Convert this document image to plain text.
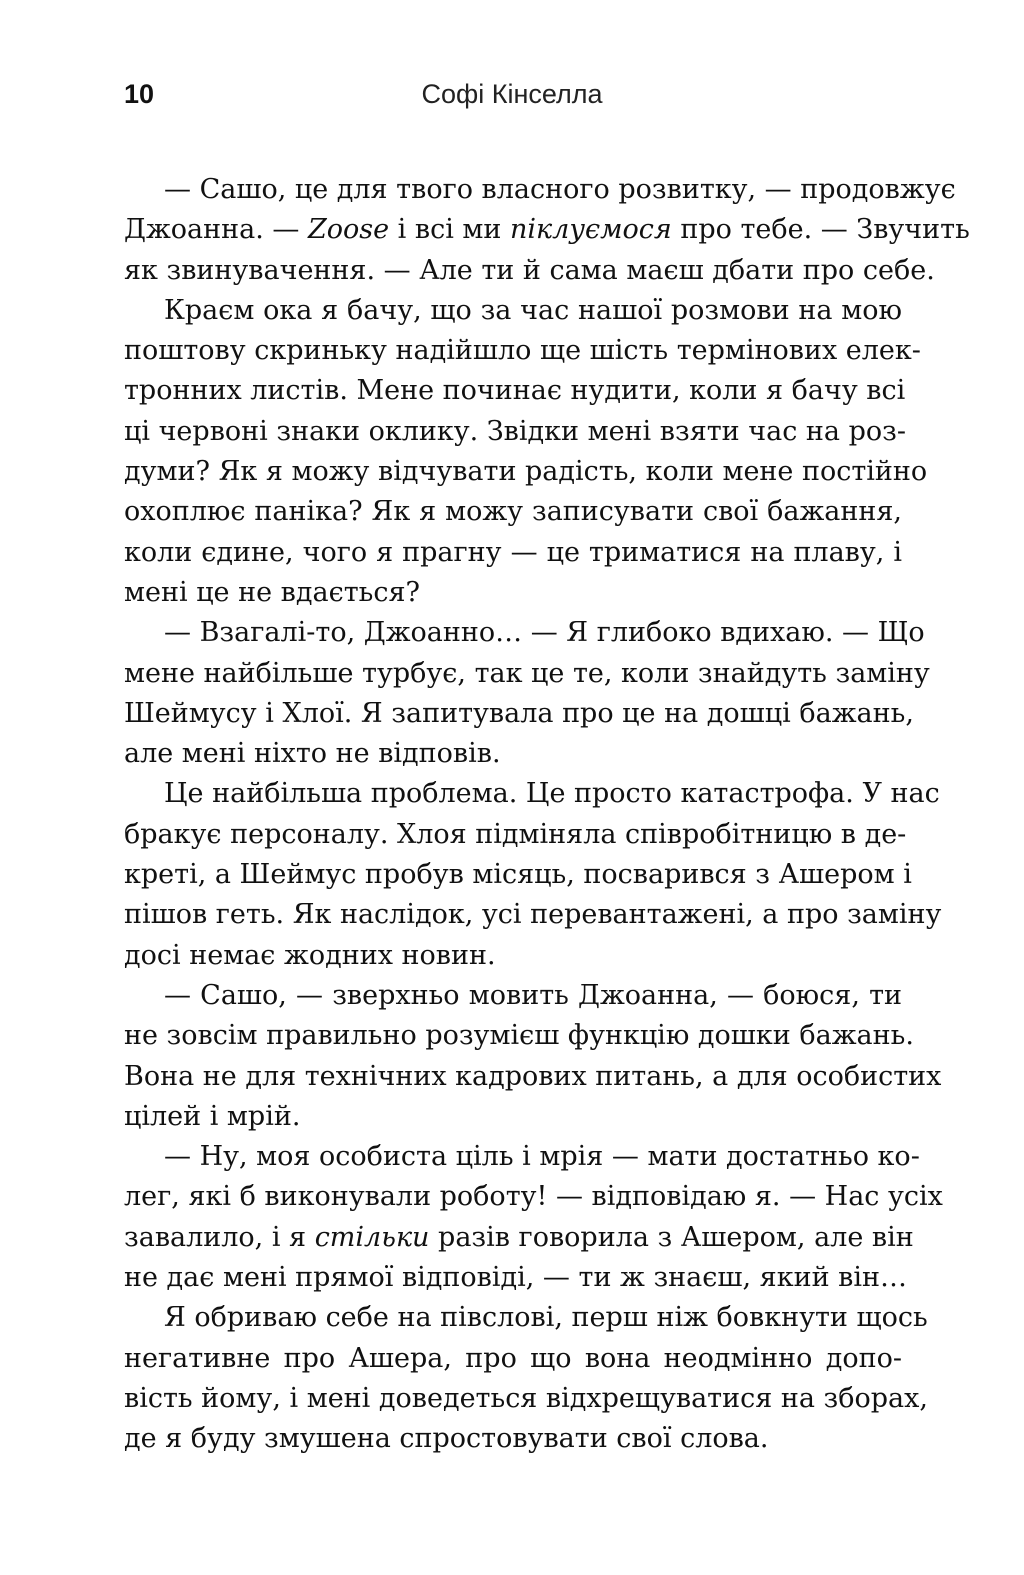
10	Софі Кінселла
— Сашо, це для твого власного розвитку, — продовжує
Джоанна. — Zoose і всі ми піклуємося про тебе. — Звучить
як звинувачення. — Але ти й сама маєш дбати про себе.
Краєм ока я бачу, що за час нашої розмови на мою
поштову скриньку надійшло ще шість термінових елек-
тронних листів. Мене починає нудити, коли я бачу всі
ці червоні знаки оклику. Звідки мені взяти час на роз-
думи? Як я можу відчувати радість, коли мене постійно
охоплює паніка? Як я можу записувати свої бажання,
коли єдине, чого я прагну — це триматися на плаву, і
мені це не вдається?
— Взагалі-то, Джоанно… — Я глибоко вдихаю. — Що
мене найбільше турбує, так це те, коли знайдуть заміну
Шеймусу і Хлої. Я запитувала про це на дошці бажань,
але мені ніхто не відповів.
Це найбільша проблема. Це просто катастрофа. У нас
бракує персоналу. Хлоя підміняла співробітницю в де-
креті, а Шеймус пробув місяць, посварився з Ашером і
пішов геть. Як наслідок, усі перевантажені, а про заміну
досі немає жодних новин.
— Сашо, — зверхньо мовить Джоанна, — боюся, ти
не зовсім правильно розумієш функцію дошки бажань.
Вона не для технічних кадрових питань, а для особистих
цілей і мрій.
— Ну, моя особиста ціль і мрія — мати достатньо ко-
лег, які б виконували роботу! — відповідаю я. — Нас усіх
завалило, і я стільки разів говорила з Ашером, але він
не дає мені прямої відповіді, — ти ж знаєш, який він…
Я обриваю себе на півслові, перш ніж бовкнути щось
негативне про Ашера, про що вона неодмінно допо-
вість йому, і мені доведеться відхрещуватися на зборах,
де я буду змушена спростовувати свої слова.
